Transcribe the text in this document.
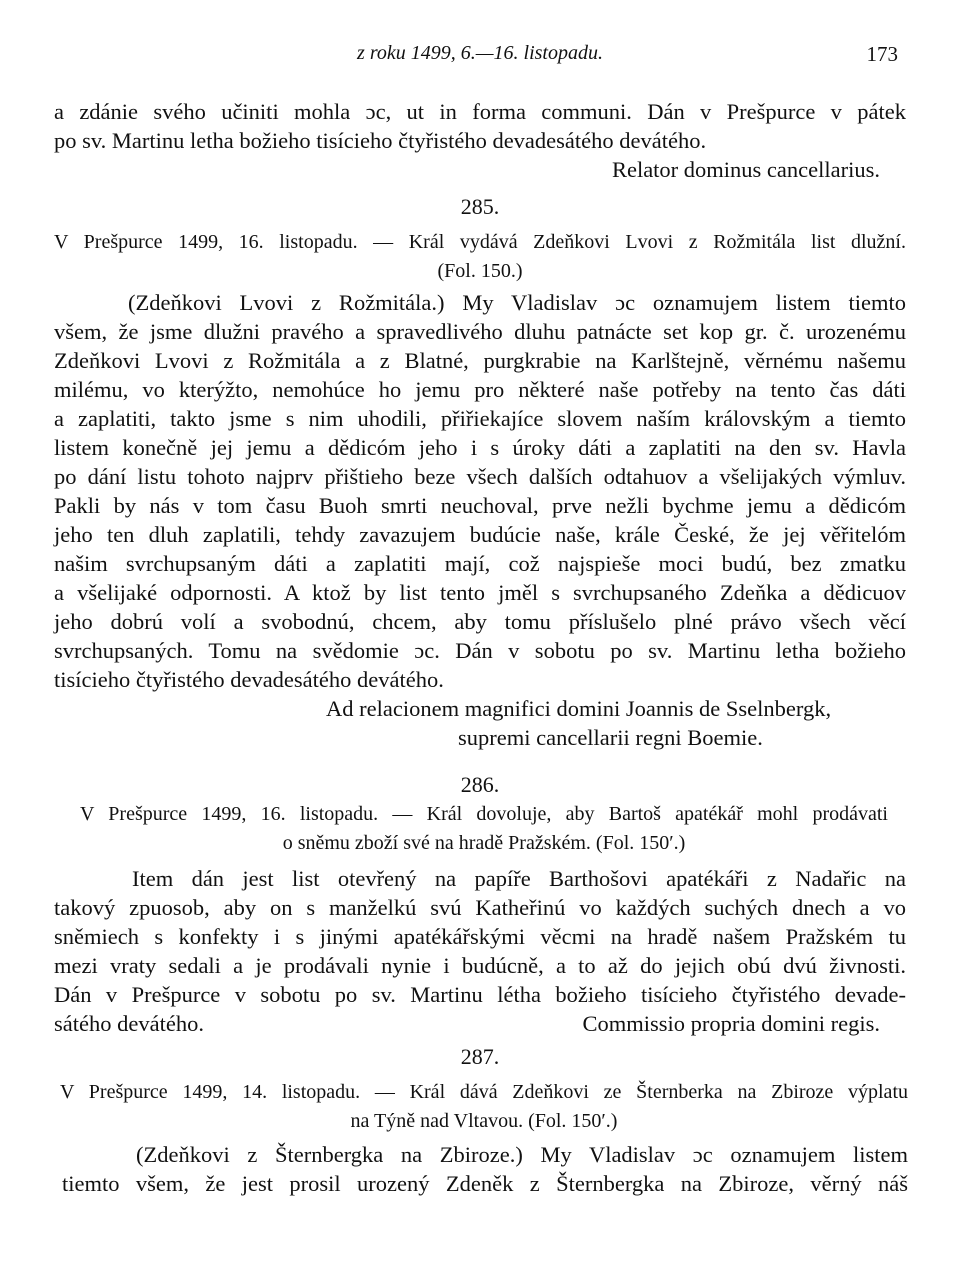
z roku 1499, 6.—16. listopadu.	173
a zdánie svého učiniti mohla ɔc, ut in forma communi. Dán v Prešpurce v pátek
po sv. Martinu letha božieho tisícieho čtyřistého devadesátého devátého.
Relator dominus cancellarius.
285.
V Prešpurce 1499, 16. listopadu. — Král vydává Zdeňkovi Lvovi z Rožmitála list dlužní.
(Fol. 150.)
(Zdeňkovi Lvovi z Rožmitála.) My Vladislav ɔc oznamujem listem tiemto
všem, že jsme dlužni pravého a spravedlivého dluhu patnácte set kop gr. č. urozenému
Zdeňkovi Lvovi z Rožmitála a z Blatné, purgkrabie na Karlštejně, věrnému našemu
milému, vo kterýžto, nemohúce ho jemu pro některé naše potřeby na tento čas dáti
a zaplatiti, takto jsme s nim uhodili, přiřiekajíce slovem naším královským a tiemto
listem konečně jej jemu a dědicóm jeho i s úroky dáti a zaplatiti na den sv. Havla
po dání listu tohoto najprv přištieho beze všech dalších odtahuov a všelijakých výmluv.
Pakli by nás v tom času Buoh smrti neuchoval, prve nežli bychme jemu a dědicóm
jeho ten dluh zaplatili, tehdy zavazujem budúcie naše, krále České, že jej věřitelóm
našim svrchupsaným dáti a zaplatiti mají, což najspieše moci budú, bez zmatku
a všelijaké odpornosti. A ktož by list tento jměl s svrchupsaného Zdeňka a dědicuov
jeho dobrú volí a svobodnú, chcem, aby tomu příslušelo plné právo všech věcí
svrchupsaných. Tomu na svědomie ɔc. Dán v sobotu po sv. Martinu letha božieho
tisícieho čtyřistého devadesátého devátého.
Ad relacionem magnifici domini Joannis de Sselnbergk,
supremi cancellarii regni Boemie.
286.
V Prešpurce 1499, 16. listopadu. — Král dovoluje, aby Bartoš apatékář mohl prodávati
o sněmu zboží své na hradě Pražském. (Fol. 150′.)
Item dán jest list otevřený na papíře Barthošovi apatékáři z Nadařic na
takový zpuosob, aby on s manželkú svú Katheřinú vo každých suchých dnech a vo
sněmiech s konfekty i s jinými apatékářskými věcmi na hradě našem Pražském tu
mezi vraty sedali a je prodávali nynie i budúcně, a to až do jejich obú dvú živnosti.
Dán v Prešpurce v sobotu po sv. Martinu létha božieho tisícieho čtyřistého devade-
sátého devátého.	Commissio propria domini regis.
287.
V Prešpurce 1499, 14. listopadu. — Král dává Zdeňkovi ze Šternberka na Zbiroze výplatu
na Týně nad Vltavou. (Fol. 150′.)
(Zdeňkovi z Šternbergka na Zbiroze.) My Vladislav ɔc oznamujem listem
tiemto všem, že jest prosil urozený Zdeněk z Šternbergka na Zbiroze, věrný náš
